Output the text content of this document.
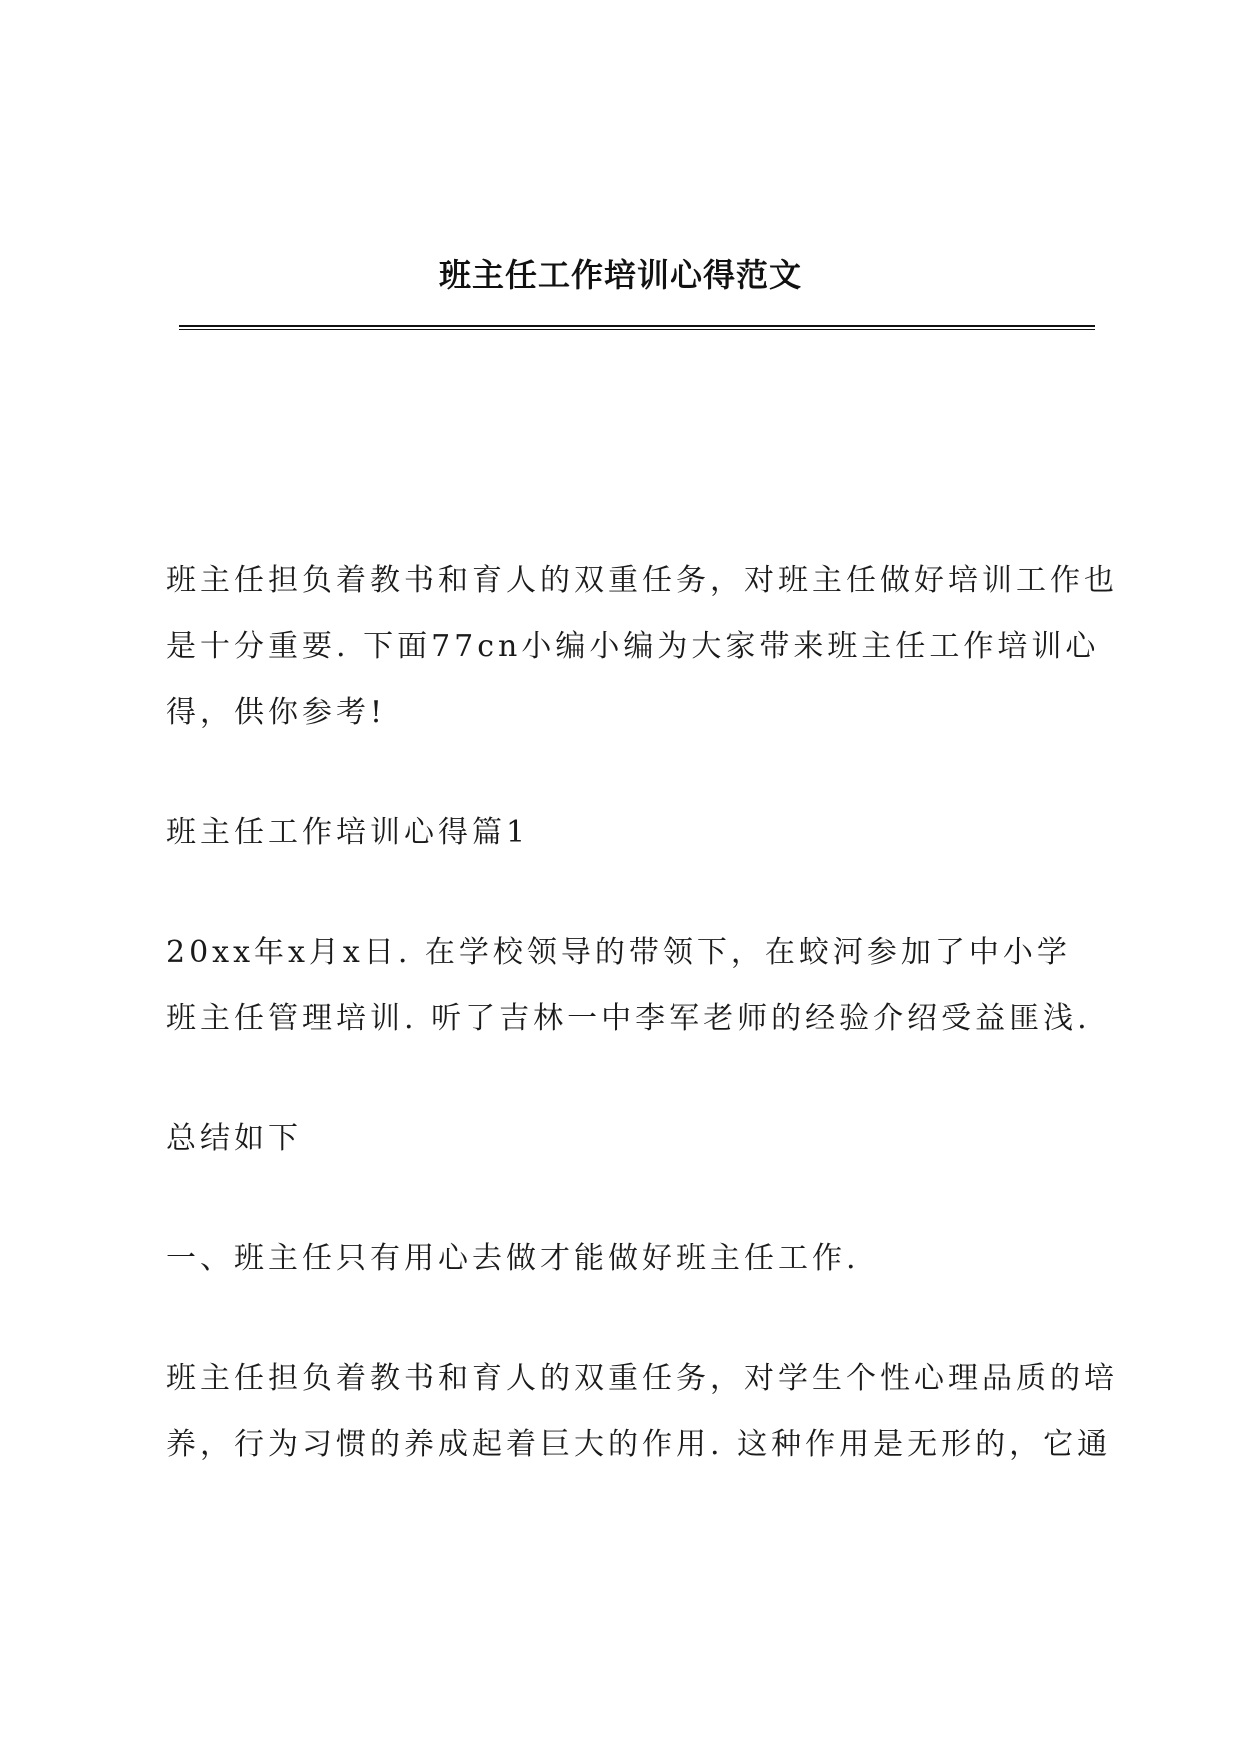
班主任工作培训心得范文

班主任担负着教书和育人的双重任务，对班主任做好培训工作也
是十分重要. 下面77cn小编小编为大家带来班主任工作培训心
得，供你参考!

班主任工作培训心得篇1

20xx年x月x日. 在学校领导的带领下，在蛟河参加了中小学
班主任管理培训. 听了吉林一中李军老师的经验介绍受益匪浅.

总结如下

一、班主任只有用心去做才能做好班主任工作.

班主任担负着教书和育人的双重任务，对学生个性心理品质的培
养，行为习惯的养成起着巨大的作用. 这种作用是无形的，它通
